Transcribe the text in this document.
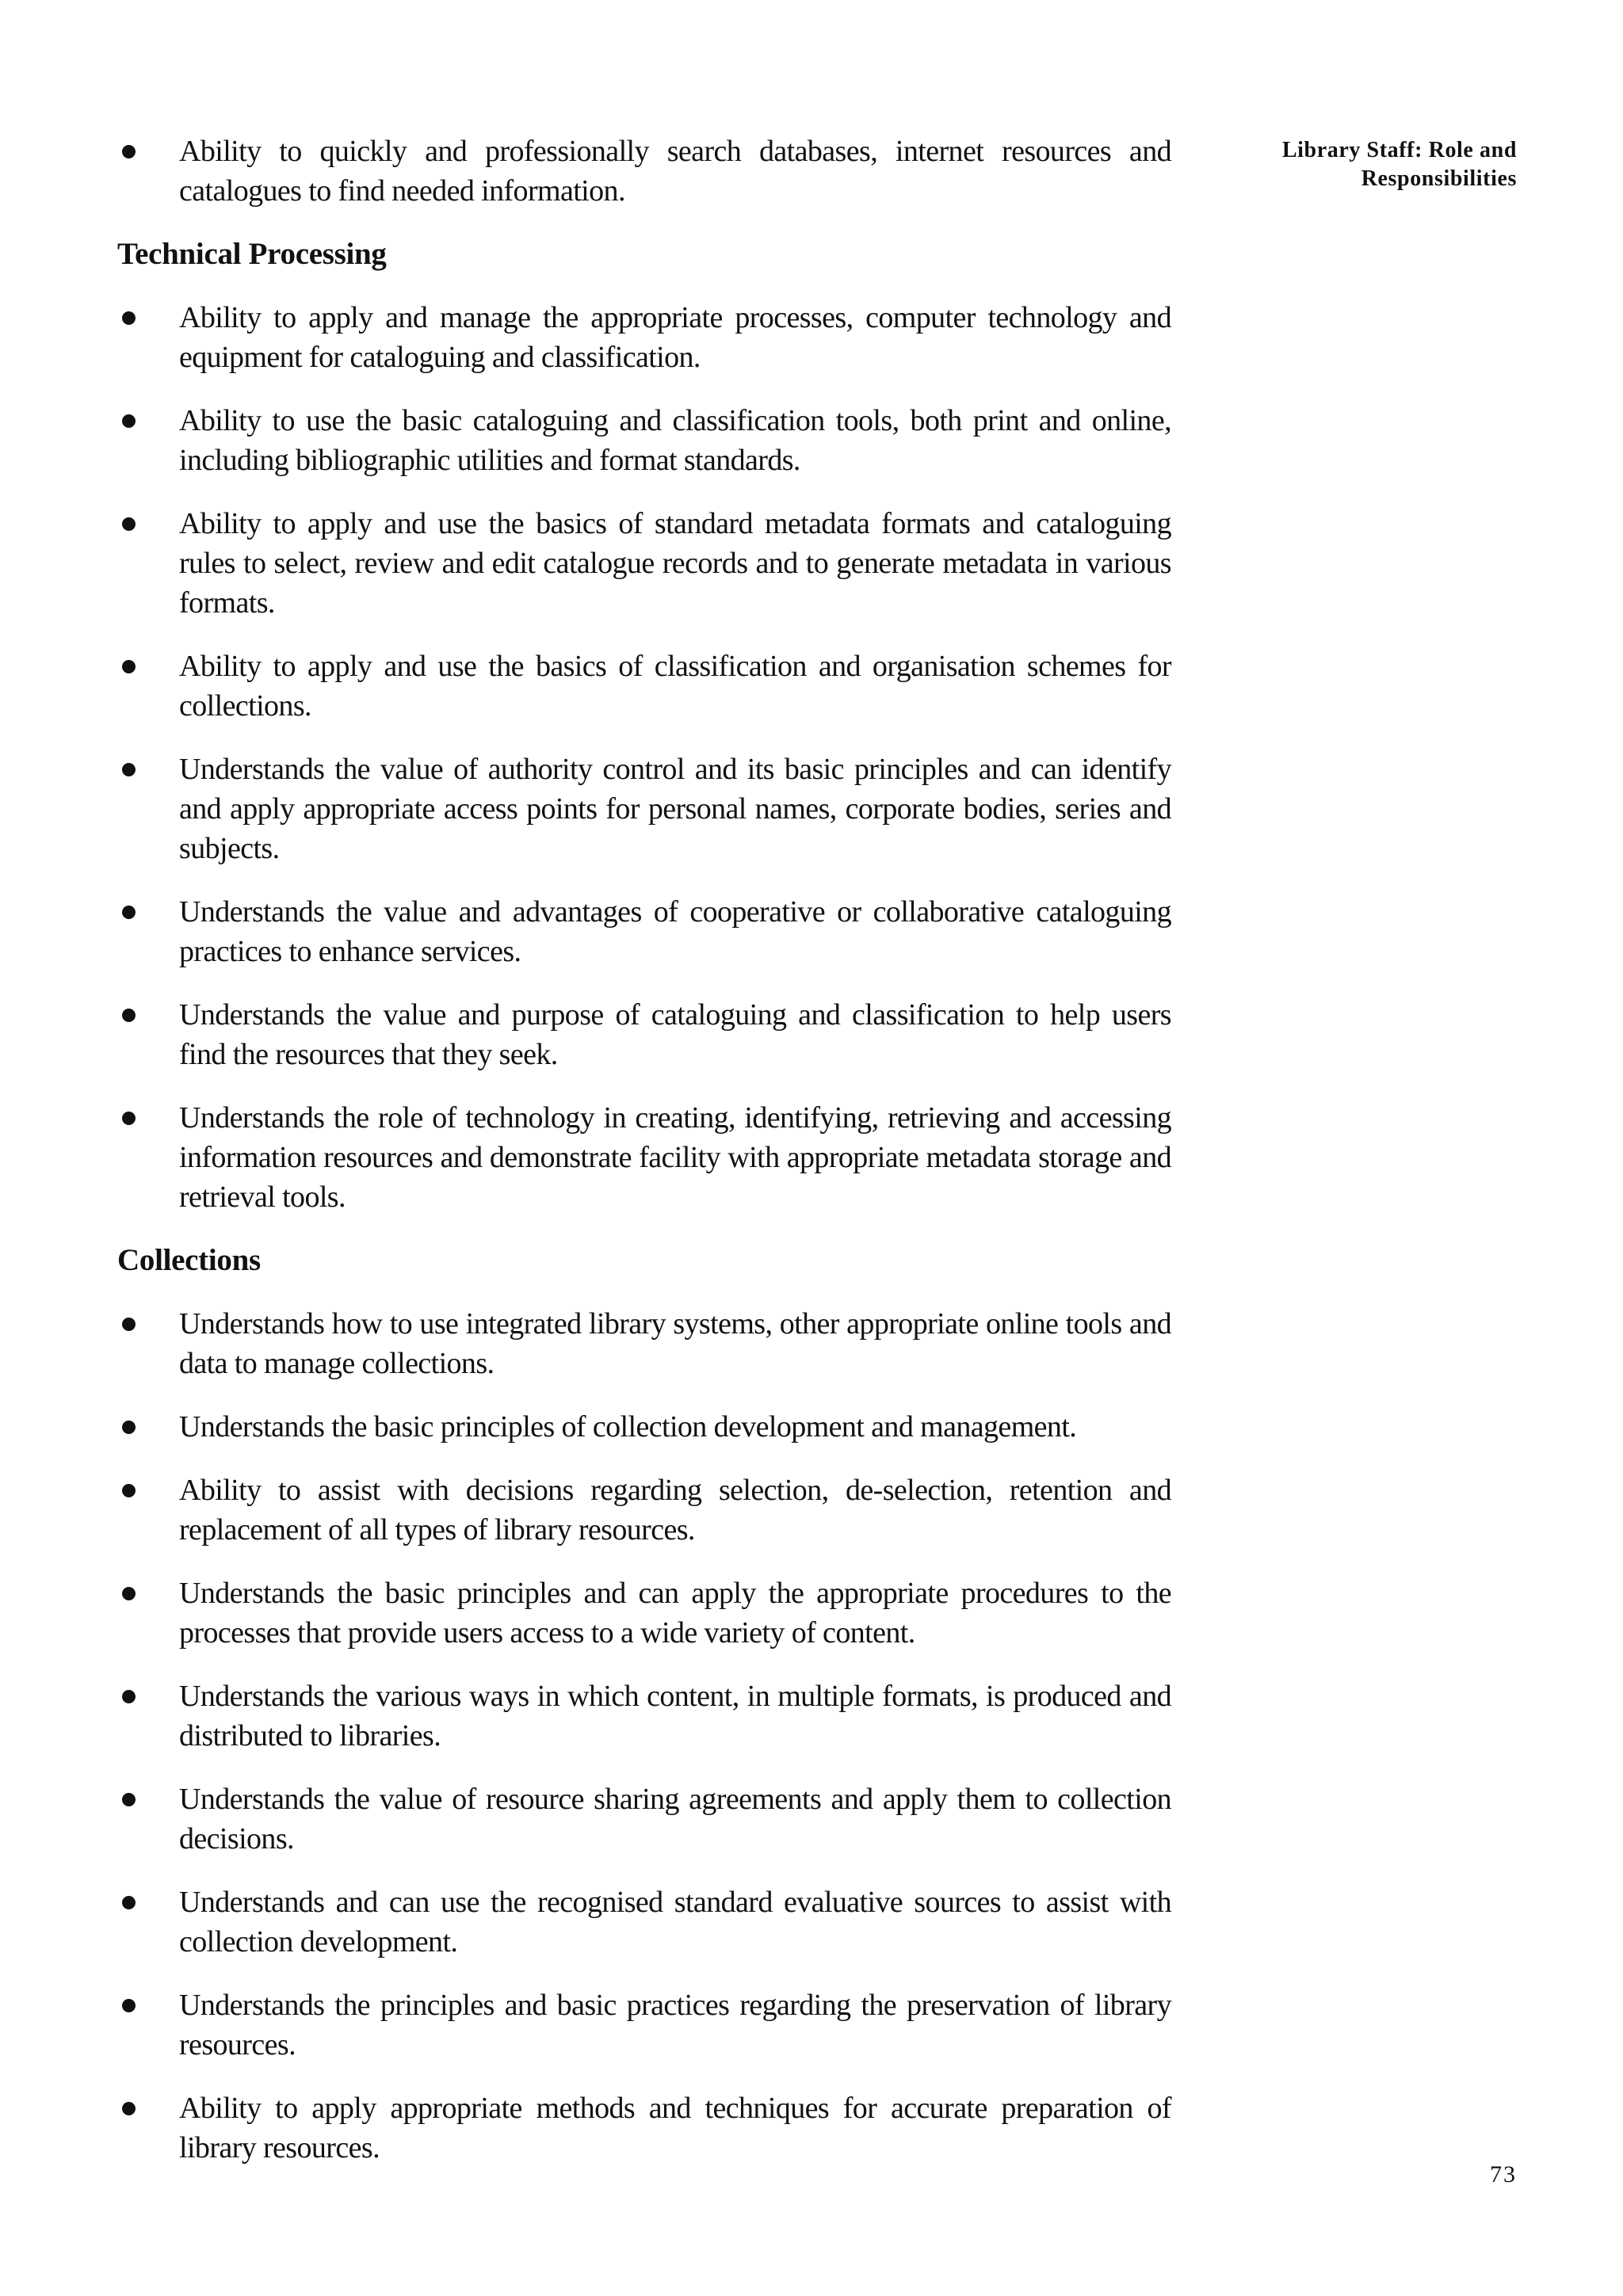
Library Staff: Role and
Responsibilities
Ability to quickly and professionally search databases, internet resources and catalogues to find needed information.
Technical Processing
Ability to apply and manage the appropriate processes, computer technology and equipment for cataloguing and classification.
Ability to use the basic cataloguing and classification tools, both print and online, including bibliographic utilities and format standards.
Ability to apply and use the basics of standard metadata formats and cataloguing rules to select, review and edit catalogue records and to generate metadata in various formats.
Ability to apply and use the basics of classification and organisation schemes for collections.
Understands the value of authority control and its basic principles and can identify and apply appropriate access points for personal names, corporate bodies, series and subjects.
Understands the value and advantages of cooperative or collaborative cataloguing practices to enhance services.
Understands the value and purpose of cataloguing and classification to help users find the resources that they seek.
Understands the role of technology in creating, identifying, retrieving and accessing information resources and demonstrate facility with appropriate metadata storage and retrieval tools.
Collections
Understands how to use integrated library systems, other appropriate online tools and data to manage collections.
Understands the basic principles of collection development and management.
Ability to assist with decisions regarding selection, de-selection, retention and replacement of all types of library resources.
Understands the basic principles and can apply the appropriate procedures to the processes that provide users access to a wide variety of content.
Understands the various ways in which content, in multiple formats, is produced and distributed to libraries.
Understands the value of resource sharing agreements and apply them to collection decisions.
Understands and can use the recognised standard evaluative sources to assist with collection development.
Understands the principles and basic practices regarding the preservation of library resources.
Ability to apply appropriate methods and techniques for accurate preparation of library resources.
73
